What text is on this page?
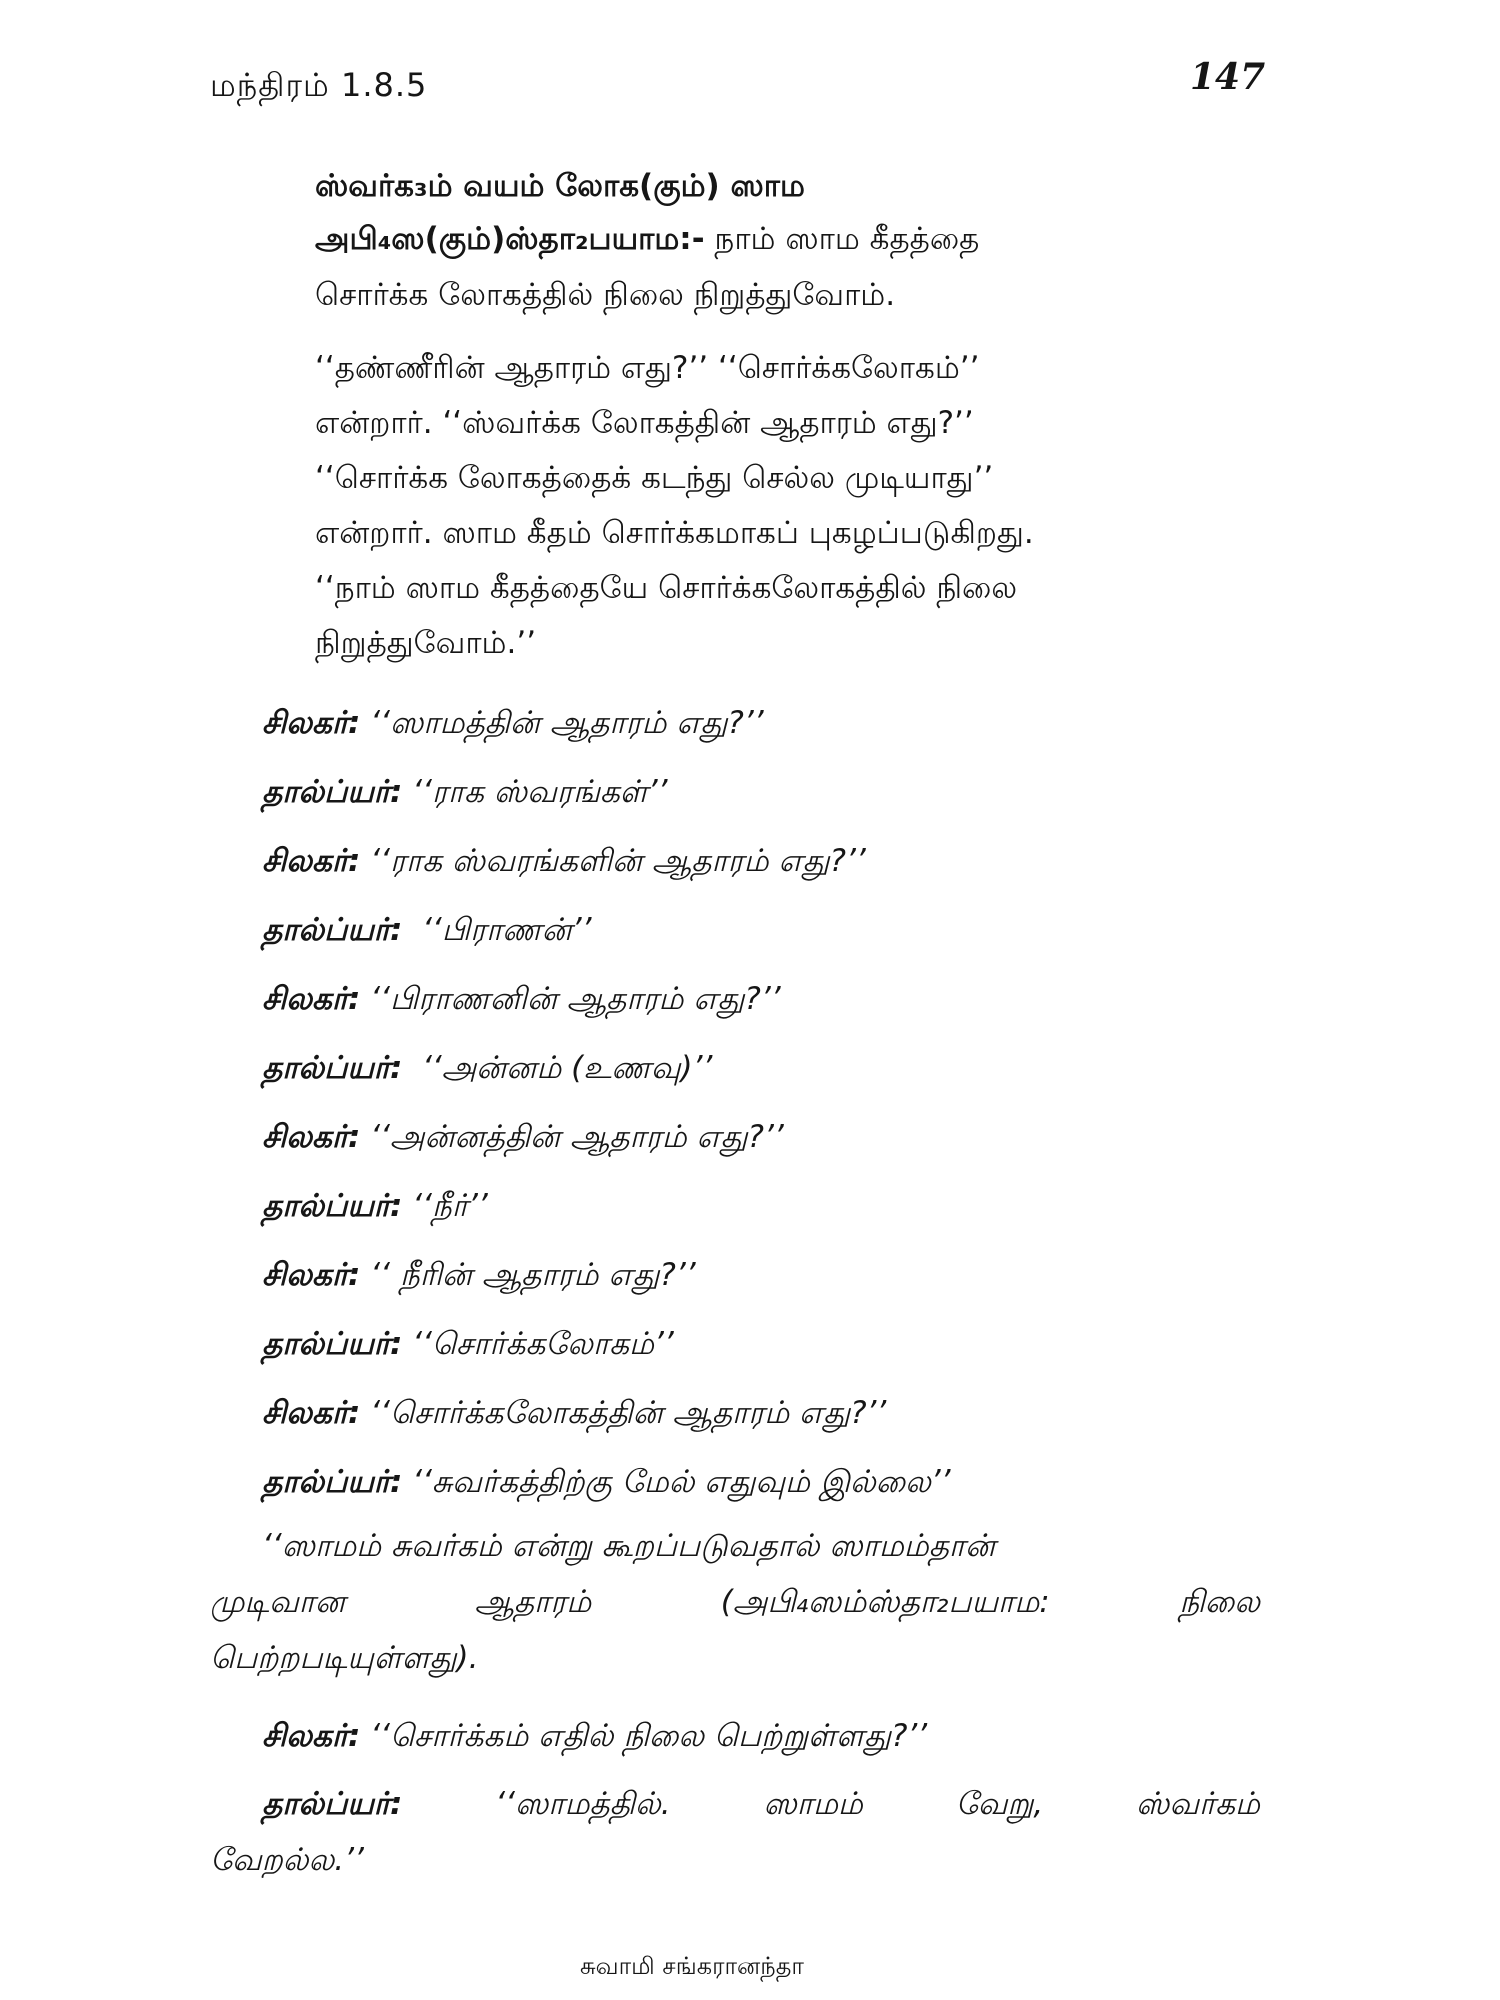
மந்திரம் 1.8.5	147
ஸ்வர்க₃ம் வயம் லோக(கும்) ஸாம
அபி₄ஸ(கும்)ஸ்தா₂பயாம:- நாம் ஸாம கீதத்தை
சொர்க்க லோகத்தில் நிலை நிறுத்துவோம்.
‘‘தண்ணீரின் ஆதாரம் எது?’’ ‘‘சொர்க்கலோகம்’’
என்றார். ‘‘ஸ்வர்க்க லோகத்தின் ஆதாரம் எது?’’
‘‘சொர்க்க லோகத்தைக் கடந்து செல்ல முடியாது’’
என்றார். ஸாம கீதம் சொர்க்கமாகப் புகழப்படுகிறது.
‘‘நாம் ஸாம கீதத்தையே சொர்க்கலோகத்தில் நிலை
நிறுத்துவோம்.’’
சிலகர்: ‘‘ஸாமத்தின் ஆதாரம் எது?’’
தால்ப்யர்: ‘‘ராக ஸ்வரங்கள்’’
சிலகர்: ‘‘ராக ஸ்வரங்களின் ஆதாரம் எது?’’
தால்ப்யர்:  ‘‘பிராணன்’’
சிலகர்: ‘‘பிராணனின் ஆதாரம் எது?’’
தால்ப்யர்:  ‘‘அன்னம் (உணவு)’’
சிலகர்: ‘‘அன்னத்தின் ஆதாரம் எது?’’
தால்ப்யர்: ‘‘நீர்’’
சிலகர்: ‘‘ நீரின் ஆதாரம் எது?’’
தால்ப்யர்: ‘‘சொர்க்கலோகம்’’
சிலகர்: ‘‘சொர்க்கலோகத்தின் ஆதாரம் எது?’’
தால்ப்யர்: ‘‘சுவர்கத்திற்கு மேல் எதுவும் இல்லை’’
‘‘ஸாமம் சுவர்கம் என்று கூறப்படுவதால் ஸாமம்தான்
முடிவான ஆதாரம் (அபி₄ஸம்ஸ்தா₂பயாம: நிலை
பெற்றபடியுள்ளது).
சிலகர்: ‘‘சொர்க்கம் எதில் நிலை பெற்றுள்ளது?’’
தால்ப்யர்: ‘‘ஸாமத்தில். ஸாமம் வேறு, ஸ்வர்கம்
வேறல்ல.’’
சுவாமி சங்கரானந்தா
